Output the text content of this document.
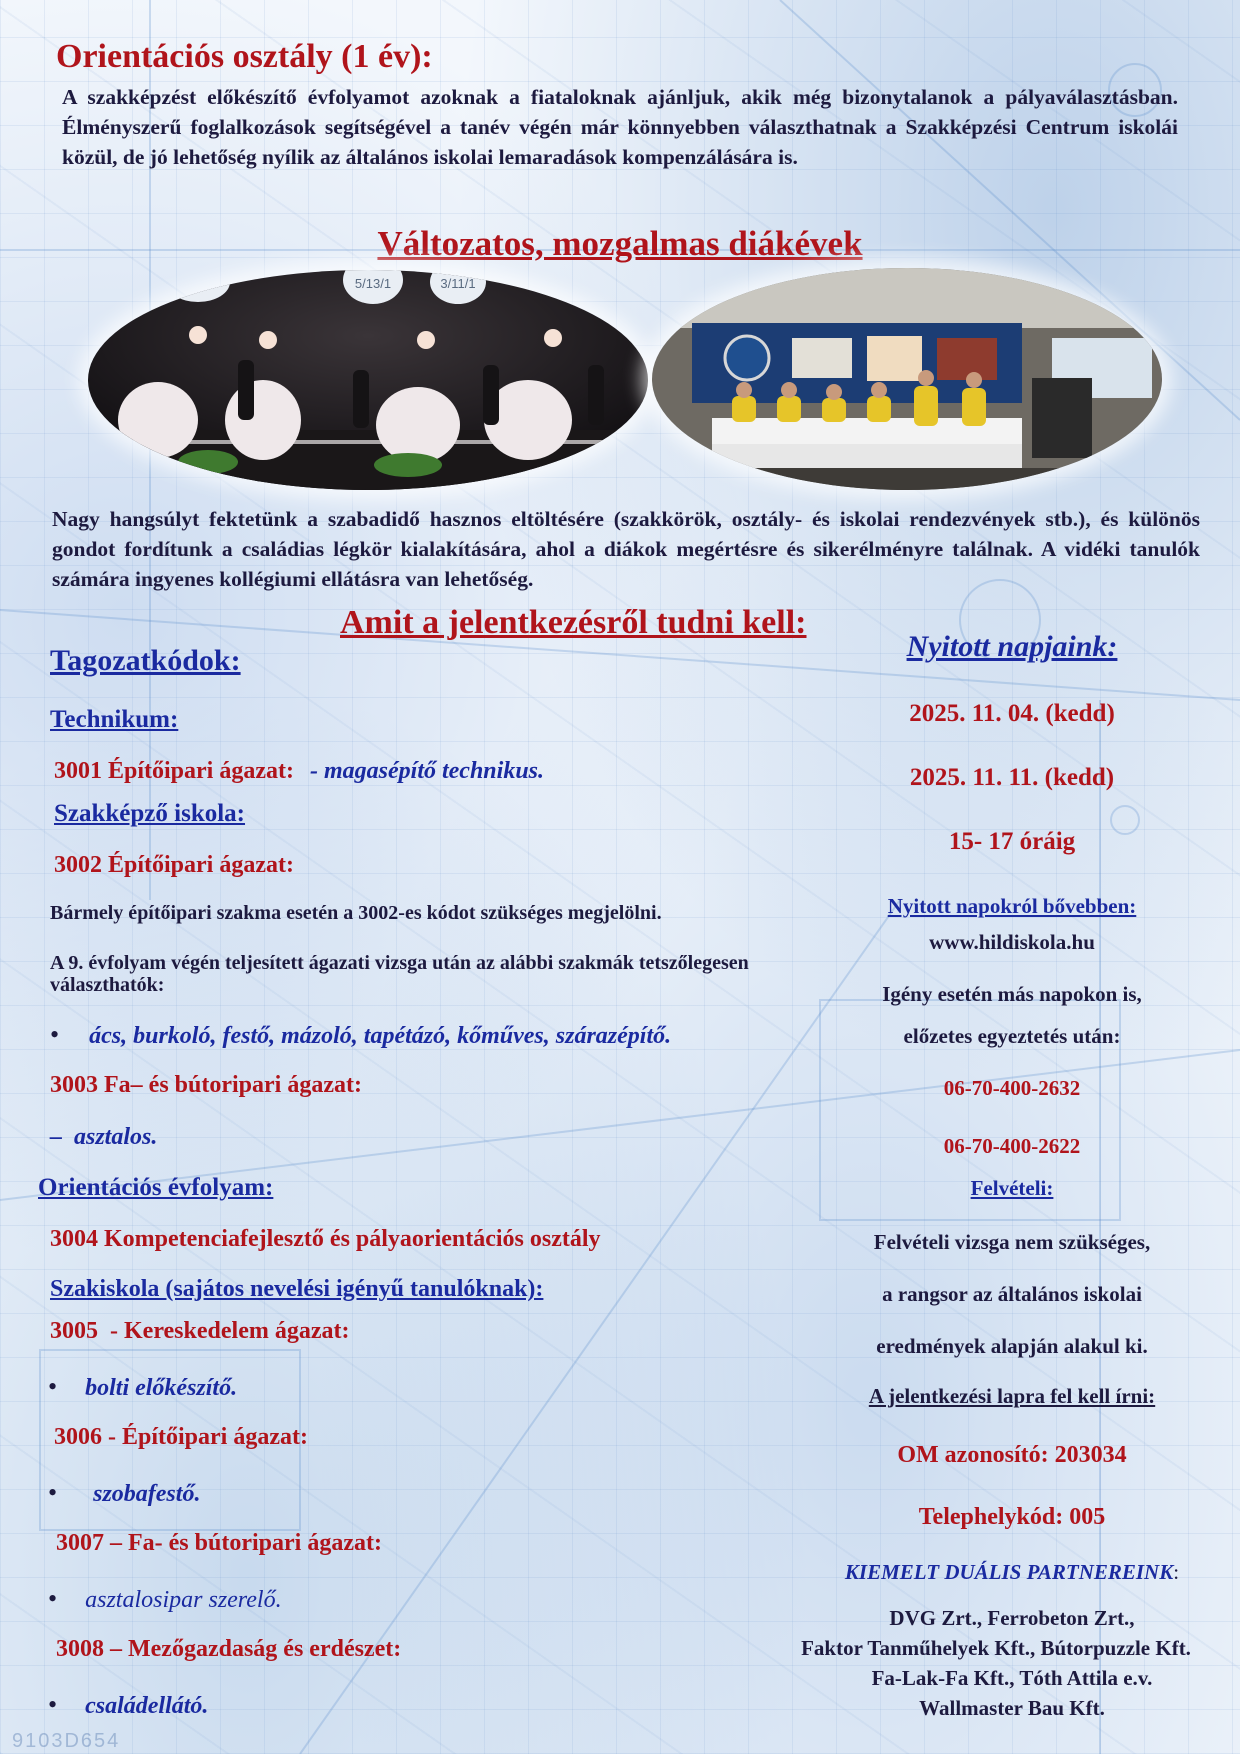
9103D654
Orientációs osztály (1 év):
A szakképzést előkészítő évfolyamot azoknak a fiataloknak ajánljuk, akik még bizonytalanok a pályaválasztásban. Élményszerű foglalkozások segítségével a tanév végén már könnyebben választhatnak a Szakképzési Centrum iskolái közül, de jó lehetőség nyílik az általános iskolai lemaradások kompenzálására is.
Változatos, mozgalmas diákévek
5/13/1	3/11/1
Nagy hangsúlyt fektetünk a szabadidő hasznos eltöltésére (szakkörök, osztály- és iskolai rendezvények stb.), és különös gondot fordítunk a családias légkör kialakítására, ahol a diákok megértésre és sikerélményre találnak. A vidéki tanulók számára ingyenes kollégiumi ellátásra van lehetőség.
Amit a jelentkezésről tudni kell:
Tagozatkódok:
Technikum:
3001 Építőipari ágazat: - magasépítő technikus.
Szakképző iskola:
3002 Építőipari ágazat:
Bármely építőipari szakma esetén a 3002-es kódot szükséges megjelölni.
A 9. évfolyam végén teljesített ágazati vizsga után az alábbi szakmák tetszőlegesen választhatók:
• ács, burkoló, festő, mázoló, tapétázó, kőműves, szárazépítő.
3003 Fa– és bútoripari ágazat:
–  asztalos.
Orientációs évfolyam:
3004 Kompetenciafejlesztő és pályaorientációs osztály
Szakiskola (sajátos nevelési igényű tanulóknak):
3005  - Kereskedelem ágazat:
• bolti előkészítő.
3006 - Építőipari ágazat:
• szobafestő.
3007 – Fa- és bútoripari ágazat:
• asztalosipar szerelő.
3008 – Mezőgazdaság és erdészet:
• családellátó.
Nyitott napjaink:
2025. 11. 04. (kedd)
2025. 11. 11. (kedd)
15- 17 óráig
Nyitott napokról bővebben:
www.hildiskola.hu
Igény esetén más napokon is,
előzetes egyeztetés után:
06-70-400-2632
06-70-400-2622
Felvételi:
Felvételi vizsga nem szükséges,
a rangsor az általános iskolai
eredmények alapján alakul ki.
A jelentkezési lapra fel kell írni:
OM azonosító: 203034
Telephelykód: 005
KIEMELT DUÁLIS PARTNEREINK:
DVG Zrt., Ferrobeton Zrt.,
Faktor Tanműhelyek Kft., Bútorpuzzle Kft.
Fa-Lak-Fa Kft., Tóth Attila e.v.
Wallmaster Bau Kft.
